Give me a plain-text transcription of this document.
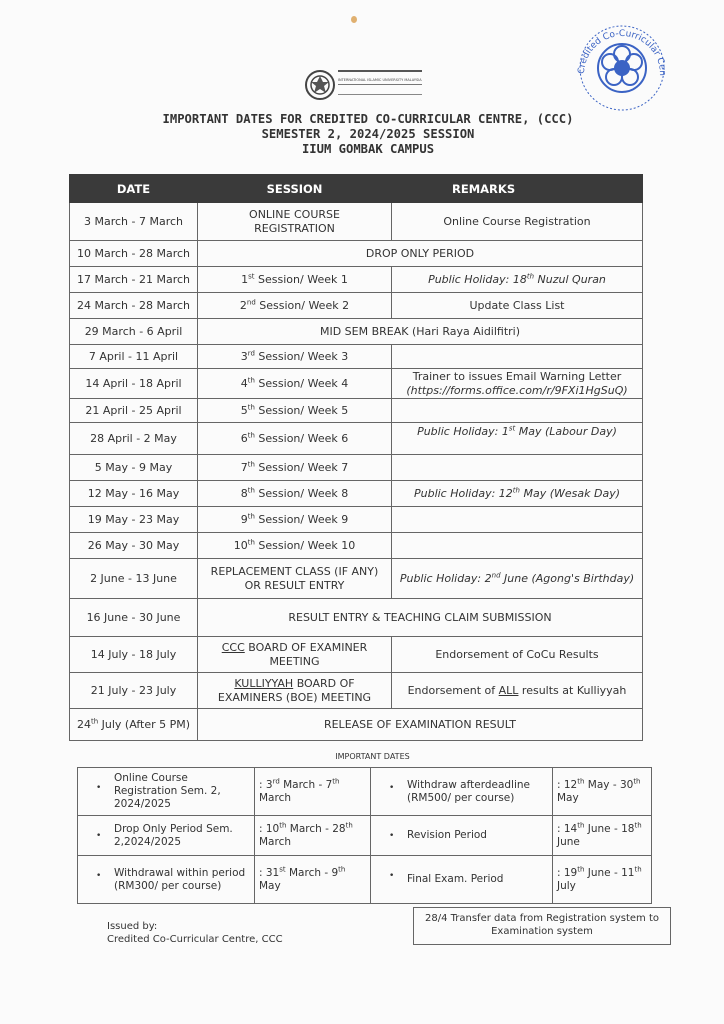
INTERNATIONAL ISLAMIC UNIVERSITY MALAYSIA
Credited Co-Curricular Cen
IMPORTANT DATES FOR CREDITED CO-CURRICULAR CENTRE, (CCC)
SEMESTER 2, 2024/2025 SESSION
IIUM GOMBAK CAMPUS
DATE	SESSION	REMARKS
3 March - 7 March	ONLINE COURSE
REGISTRATION	Online Course Registration
10 March - 28 March	DROP ONLY PERIOD	
17 March - 21 March	1st Session/ Week 1	Public Holiday: 18th Nuzul Quran
24 March - 28 March	2nd Session/ Week 2	Update Class List
29 March - 6 April	MID SEM BREAK (Hari Raya Aidilfitri)	
7 April - 11 April	3rd Session/ Week 3	
14 April - 18 April	4th Session/ Week 4	Trainer to issues Email Warning Letter
(https://forms.office.com/r/9FXi1HgSuQ)
21 April - 25 April	5th Session/ Week 5	
28 April - 2 May	6th Session/ Week 6	Public Holiday: 1st May (Labour Day)
5 May - 9 May	7th Session/ Week 7	
12 May - 16 May	8th Session/ Week 8	Public Holiday: 12th May (Wesak Day)
19 May - 23 May	9th Session/ Week 9	
26 May - 30 May	10th Session/ Week 10	
2 June - 13 June	REPLACEMENT CLASS (IF ANY)
OR RESULT ENTRY	Public Holiday: 2nd June (Agong's Birthday)
16 June - 30 June	RESULT ENTRY & TEACHING CLAIM SUBMISSION	
14 July - 18 July	CCC BOARD OF EXAMINER
MEETING	Endorsement of CoCu Results
21 July - 23 July	KULLIYYAH BOARD OF
EXAMINERS (BOE) MEETING	Endorsement of ALL results at Kulliyyah
24th July (After 5 PM)	RELEASE OF EXAMINATION RESULT	
IMPORTANT DATES
•
Online Course Registration Sem. 2, 2024/2025	: 3rd March - 7th March	• Withdraw afterdeadline (RM500/ per course)	: 12th May - 30th May

•
Drop Only Period Sem. 2,2024/2025	: 10th March - 28th March	• Revision Period	: 14th June - 18th June

• Withdrawal within period (RM300/ per course)	: 31st March - 9th May	• Final Exam. Period	: 19th June - 11th July
Issued by:
Credited Co-Curricular Centre, CCC
28/4 Transfer data from Registration system to Examination system
